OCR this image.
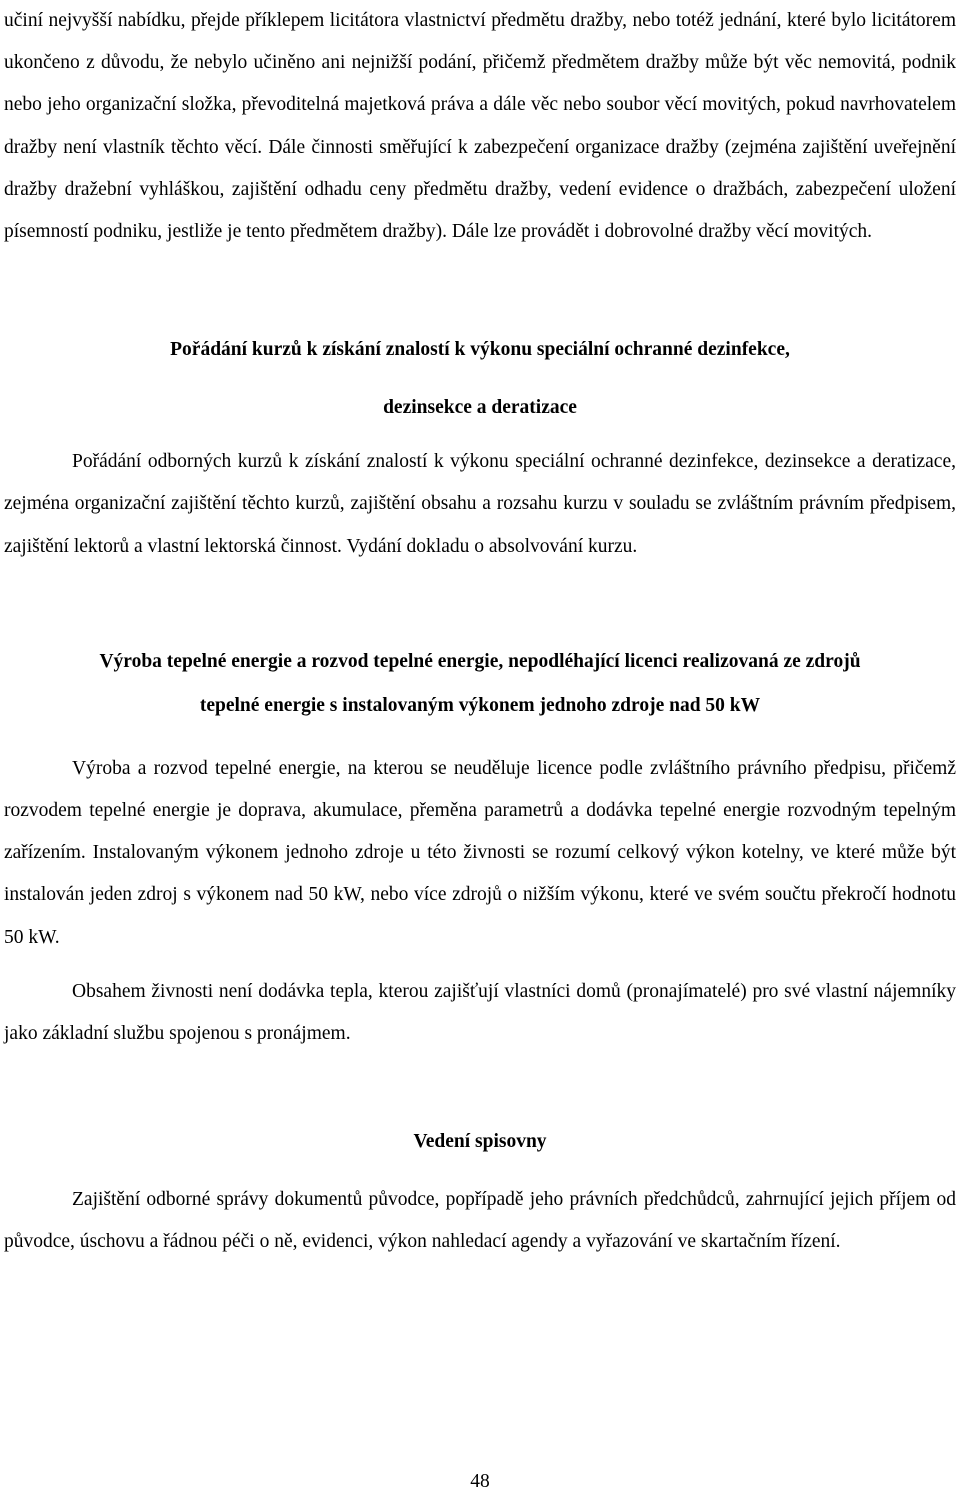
učiní nejvyšší nabídku, přejde příklepem licitátora vlastnictví předmětu dražby, nebo totéž jednání, které bylo licitátorem ukončeno z důvodu, že nebylo učiněno ani nejnižší podání, přičemž předmětem dražby může být věc nemovitá, podnik nebo jeho organizační složka, převoditelná majetková práva a dále věc nebo soubor věcí movitých, pokud navrhovatelem dražby není vlastník těchto věcí. Dále činnosti směřující k zabezpečení organizace dražby (zejména zajištění uveřejnění dražby dražební vyhláškou, zajištění odhadu ceny předmětu dražby, vedení evidence o dražbách, zabezpečení uložení písemností podniku, jestliže je tento předmětem dražby). Dále lze provádět i dobrovolné dražby věcí movitých.

Pořádání kurzů k získání znalostí k výkonu speciální ochranné dezinfekce,
dezinsekce a deratizace

Pořádání odborných kurzů k získání znalostí k výkonu speciální ochranné dezinfekce, dezinsekce a deratizace, zejména organizační zajištění těchto kurzů, zajištění obsahu a rozsahu kurzu v souladu se zvláštním právním předpisem, zajištění lektorů a vlastní lektorská činnost. Vydání dokladu o absolvování kurzu.

Výroba tepelné energie a rozvod tepelné energie, nepodléhající licenci realizovaná ze zdrojů
tepelné energie s instalovaným výkonem jednoho zdroje nad 50 kW

Výroba a rozvod tepelné energie, na kterou se neuděluje licence podle zvláštního právního předpisu, přičemž rozvodem tepelné energie je doprava, akumulace, přeměna parametrů a dodávka tepelné energie rozvodným tepelným zařízením. Instalovaným výkonem jednoho zdroje u této živnosti se rozumí celkový výkon kotelny, ve které může být instalován jeden zdroj s výkonem nad 50 kW, nebo více zdrojů o nižším výkonu, které ve svém součtu překročí hodnotu 50 kW.

Obsahem živnosti není dodávka tepla, kterou zajišťují vlastníci domů (pronajímatelé) pro své vlastní nájemníky jako základní službu spojenou s pronájmem.

Vedení spisovny

Zajištění odborné správy dokumentů původce, popřípadě jeho právních předchůdců, zahrnující jejich příjem od původce, úschovu a řádnou péči o ně, evidenci, výkon nahledací agendy a vyřazování ve skartačním řízení.

48
